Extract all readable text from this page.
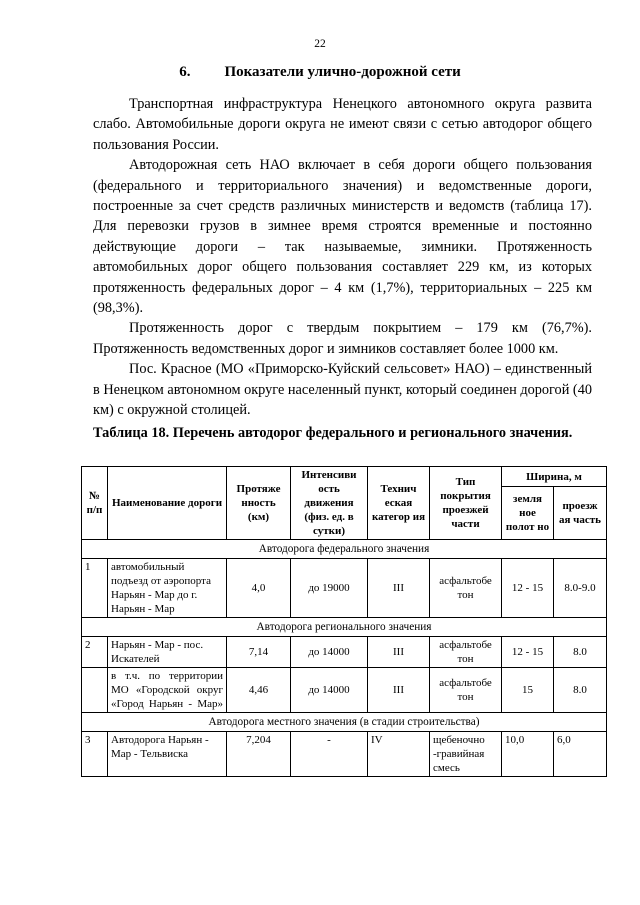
22
6. Показатели улично-дорожной сети

Транспортная инфраструктура Ненецкого автономного округа развита слабо. Автомобильные дороги округа не имеют связи с сетью автодорог общего пользования России.

Автодорожная сеть НАО включает в себя дороги общего пользования (федерального и территориального значения) и ведомственные дороги, построенные за счет средств различных министерств и ведомств (таблица 17). Для перевозки грузов в зимнее время строятся временные и постоянно действующие дороги – так называемые, зимники. Протяженность автомобильных дорог общего пользования составляет 229 км, из которых протяженность федеральных дорог – 4 км (1,7%), территориальных – 225 км (98,3%).

Протяженность дорог с твердым покрытием – 179 км (76,7%). Протяженность ведомственных дорог и зимников составляет более 1000 км.

Пос. Красное (МО «Приморско-Куйский сельсовет» НАО) – единственный в Ненецком автономном округе населенный пункт, который соединен дорогой (40 км) с окружной столицей.

Таблица 18. Перечень автодорог федерального и регионального значения.
№ п/п	Наименование дороги	Протяже нность (км)	Интенсиви ость движения (физ. ед. в сутки)	Технич еская категор ия	Тип покрытия проезжей части	Ширина, м	
						земля ное полот но	проезж ая часть
Автодорога федерального значения							
1	автомобильный подъезд от аэропорта Нарьян - Мар до г. Нарьян - Мар	4,0	до 19000	III	асфальтобе тон	12 - 15	8.0-9.0
Автодорога регионального значения							
2	Нарьян - Мар - пос. Искателей	7,14	до 14000	III	асфальтобе тон	12 - 15	8.0
	в т.ч. по территории МО «Городской округ «Город Нарьян - Мар»	4,46	до 14000	III	асфальтобе тон	15	8.0
Автодорога местного значения (в стадии строительства)							
3	Автодорога Нарьян - Мар - Тельвиска	7,204	-	IV	щебеночно -гравийная смесь	10,0	6,0
